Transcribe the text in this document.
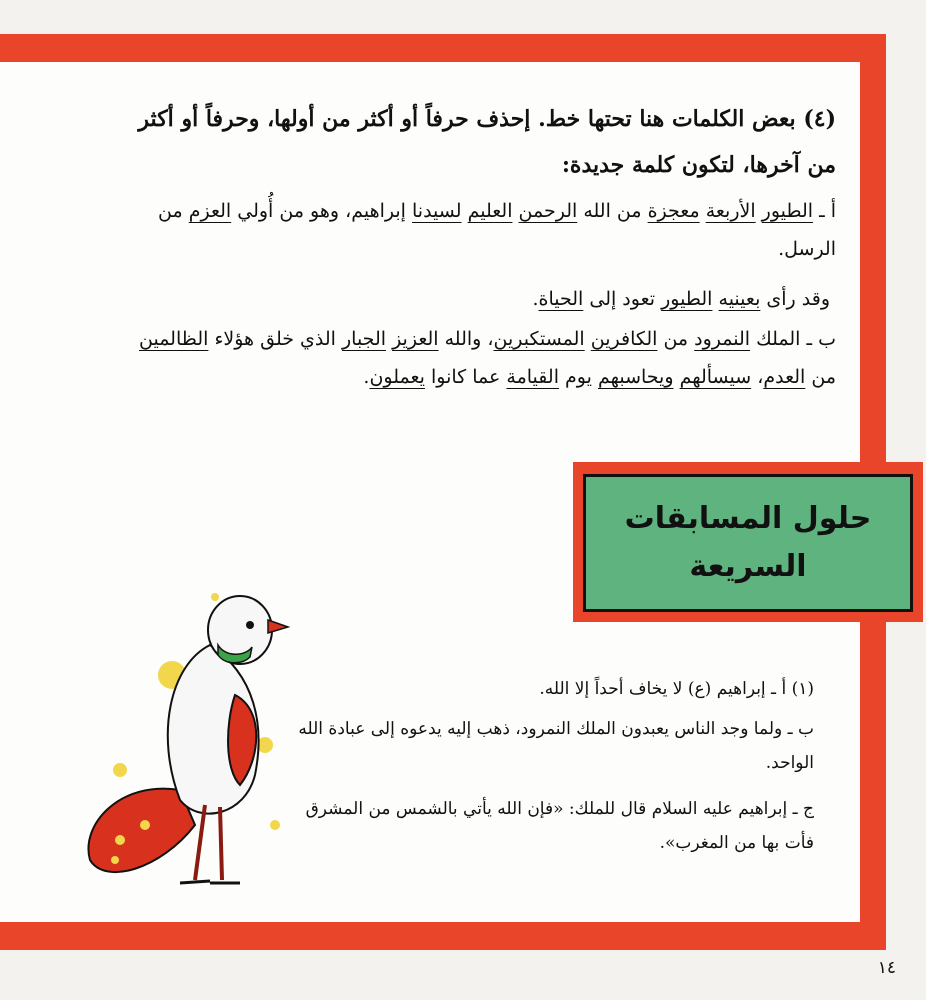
(٤) بعض الكلمات هنا تحتها خط. إحذف حرفاً أو أكثر من أولها، وحرفاً أو أكثر من آخرها، لتكون كلمة جديدة:
أ ـ الطيور الأربعة معجزة من الله الرحمن العليم لسيدنا إبراهيم، وهو من أُولي العزم من الرسل.
وقد رأى بعينيه الطيور تعود إلى الحياة.
ب ـ الملك النمرود من الكافرين المستكبرين، والله العزيز الجبار الذي خلق هؤلاء الظالمين من العدم، سيسألهم ويحاسبهم يوم القيامة عما كانوا يعملون.
حلول المسابقات
السريعة
(١) أ ـ إبراهيم (ع) لا يخاف أحداً إلا الله.
ب ـ ولما وجد الناس يعبدون الملك النمرود، ذهب إليه يدعوه إلى عبادة الله الواحد.
ج ـ إبراهيم عليه السلام قال للملك: «فإن الله يأتي بالشمس من المشرق فأت بها من المغرب».
١٤
